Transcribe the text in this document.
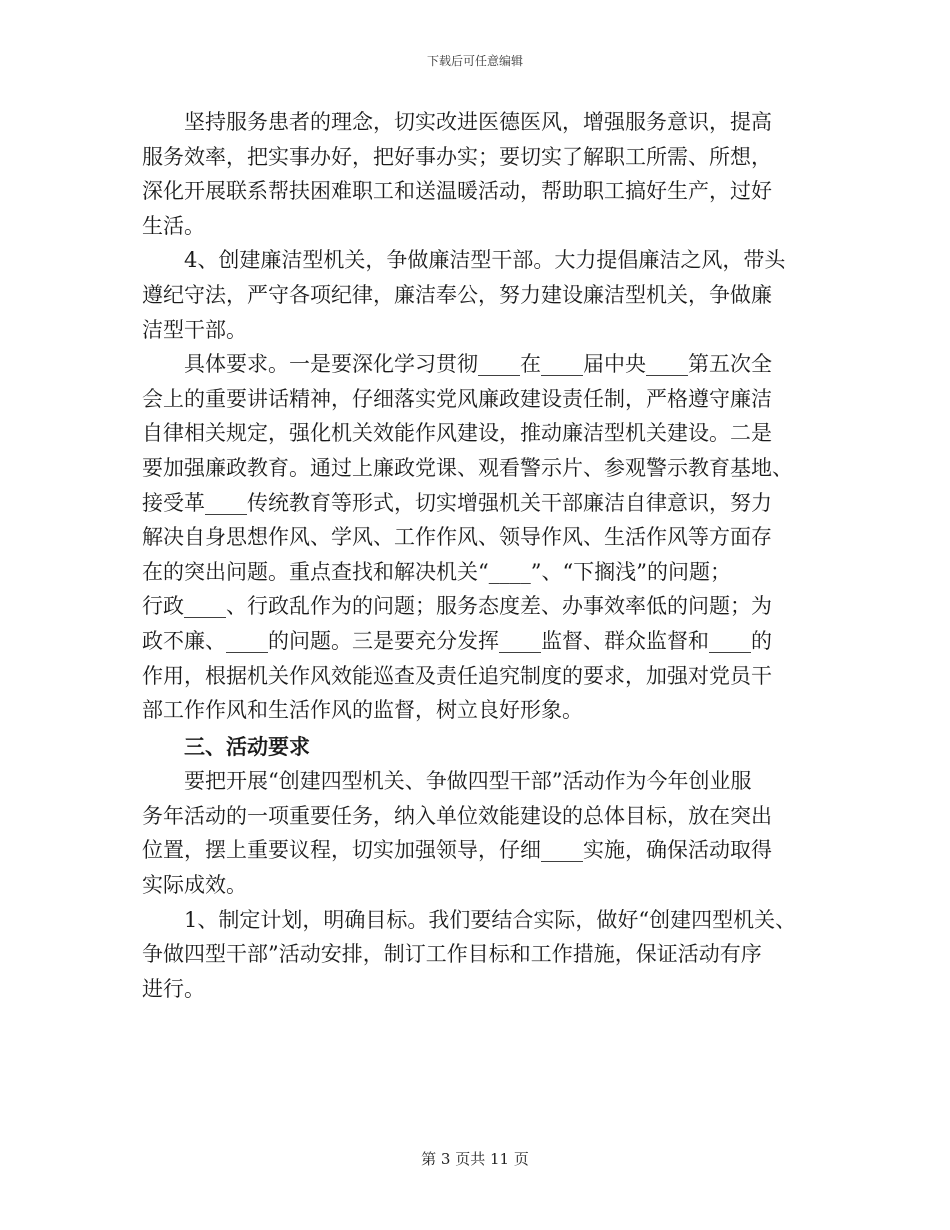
下载后可任意编辑

　　坚持服务患者的理念，切实改进医德医风，增强服务意识，提高
服务效率，把实事办好，把好事办实；要切实了解职工所需、所想，
深化开展联系帮扶困难职工和送温暖活动，帮助职工搞好生产，过好
生活。

　　4、创建廉洁型机关，争做廉洁型干部。大力提倡廉洁之风，带头
遵纪守法，严守各项纪律，廉洁奉公，努力建设廉洁型机关，争做廉
洁型干部。

　　具体要求。一是要深化学习贯彻____在____届中央____第五次全
会上的重要讲话精神，仔细落实党风廉政建设责任制，严格遵守廉洁
自律相关规定，强化机关效能作风建设，推动廉洁型机关建设。二是
要加强廉政教育。通过上廉政党课、观看警示片、参观警示教育基地、
接受革____传统教育等形式，切实增强机关干部廉洁自律意识，努力
解决自身思想作风、学风、工作作风、领导作风、生活作风等方面存
在的突出问题。重点查找和解决机关“____”、“下搁浅”的问题；
行政____、行政乱作为的问题；服务态度差、办事效率低的问题；为
政不廉、____的问题。三是要充分发挥____监督、群众监督和____的
作用，根据机关作风效能巡查及责任追究制度的要求，加强对党员干
部工作作风和生活作风的监督，树立良好形象。

三、活动要求

　　要把开展“创建四型机关、争做四型干部”活动作为今年创业服
务年活动的一项重要任务，纳入单位效能建设的总体目标，放在突出
位置，摆上重要议程，切实加强领导，仔细____实施，确保活动取得
实际成效。

　　1、制定计划，明确目标。我们要结合实际，做好“创建四型机关、
争做四型干部”活动安排，制订工作目标和工作措施，保证活动有序
进行。

第 3 页共 11 页
